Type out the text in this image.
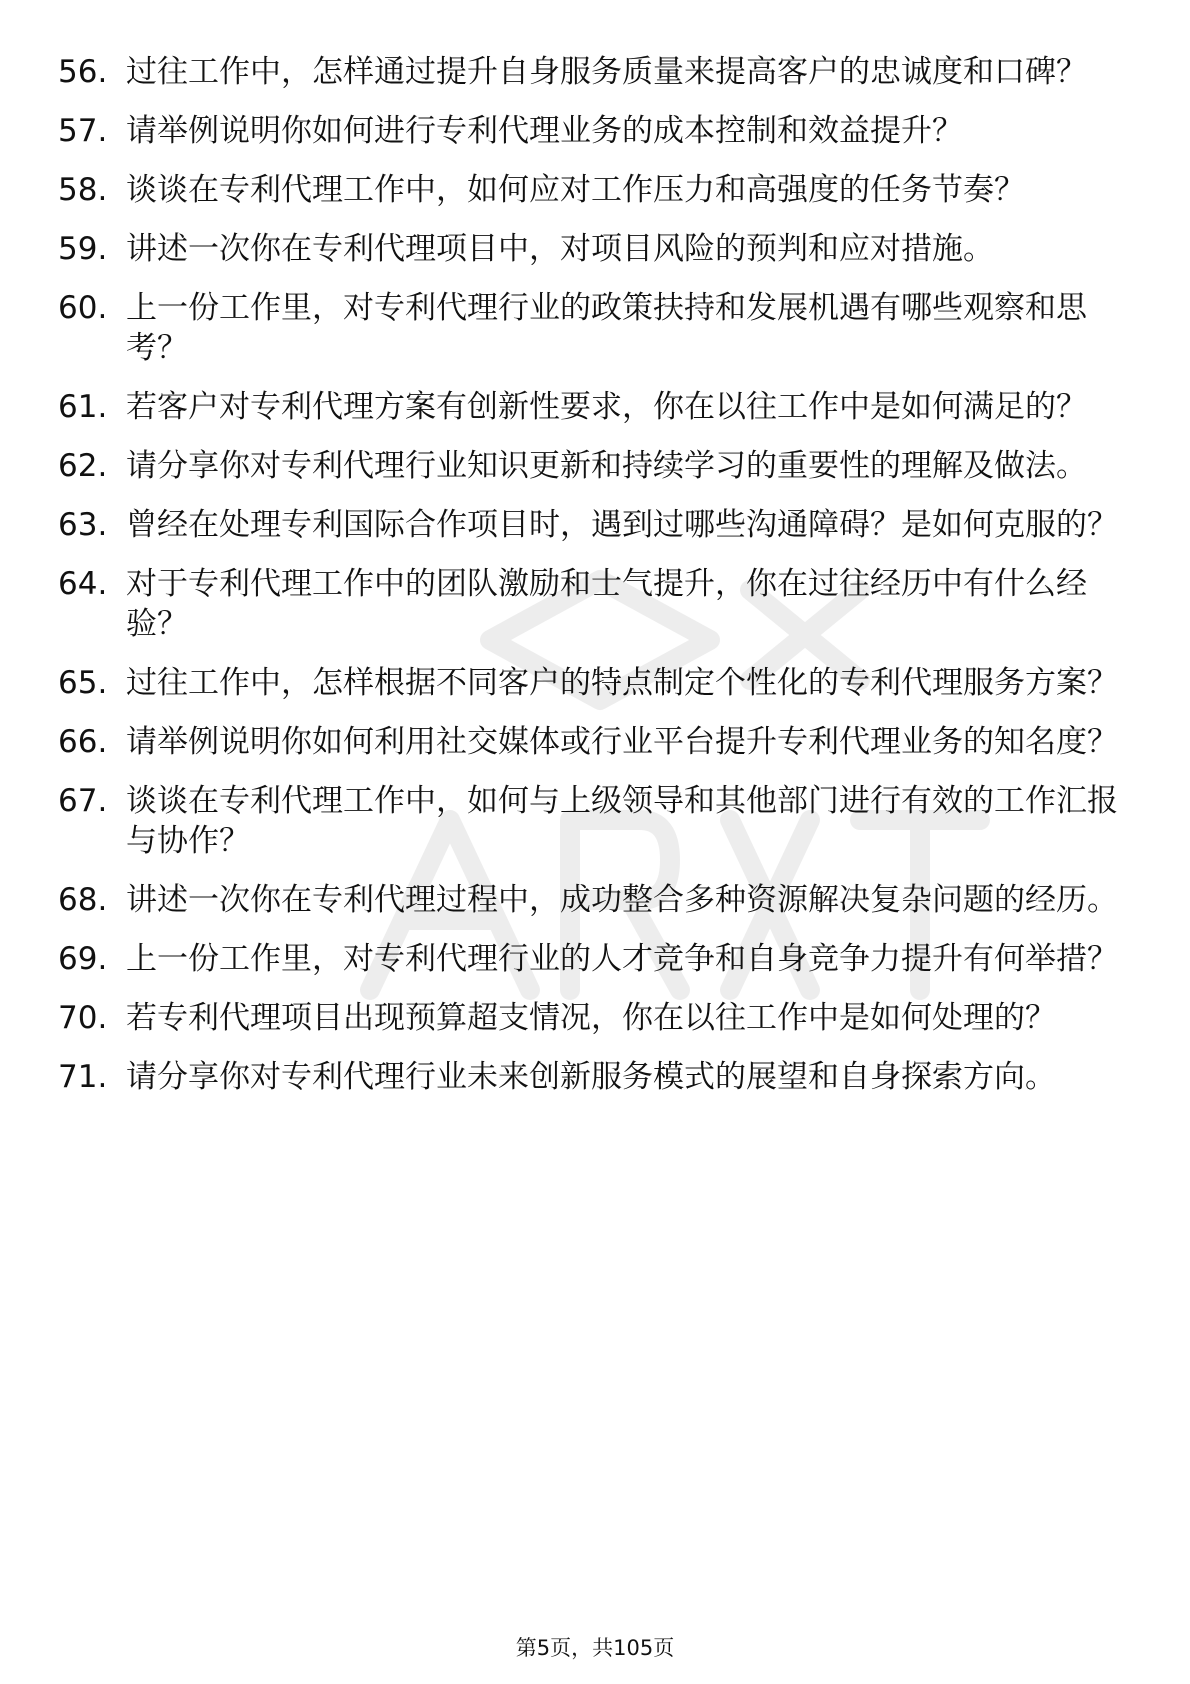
56. 过往工作中，怎样通过提升自身服务质量来提高客户的忠诚度和口碑？
57. 请举例说明你如何进行专利代理业务的成本控制和效益提升？
58. 谈谈在专利代理工作中，如何应对工作压力和高强度的任务节奏？
59. 讲述一次你在专利代理项目中，对项目风险的预判和应对措施。
60. 上一份工作里，对专利代理行业的政策扶持和发展机遇有哪些观察和思考？
61. 若客户对专利代理方案有创新性要求，你在以往工作中是如何满足的？
62. 请分享你对专利代理行业知识更新和持续学习的重要性的理解及做法。
63. 曾经在处理专利国际合作项目时，遇到过哪些沟通障碍？是如何克服的？
64. 对于专利代理工作中的团队激励和士气提升，你在过往经历中有什么经验？
65. 过往工作中，怎样根据不同客户的特点制定个性化的专利代理服务方案？
66. 请举例说明你如何利用社交媒体或行业平台提升专利代理业务的知名度？
67. 谈谈在专利代理工作中，如何与上级领导和其他部门进行有效的工作汇报与协作？
68. 讲述一次你在专利代理过程中，成功整合多种资源解决复杂问题的经历。
69. 上一份工作里，对专利代理行业的人才竞争和自身竞争力提升有何举措？
70. 若专利代理项目出现预算超支情况，你在以往工作中是如何处理的？
71. 请分享你对专利代理行业未来创新服务模式的展望和自身探索方向。
第5页，共105页
